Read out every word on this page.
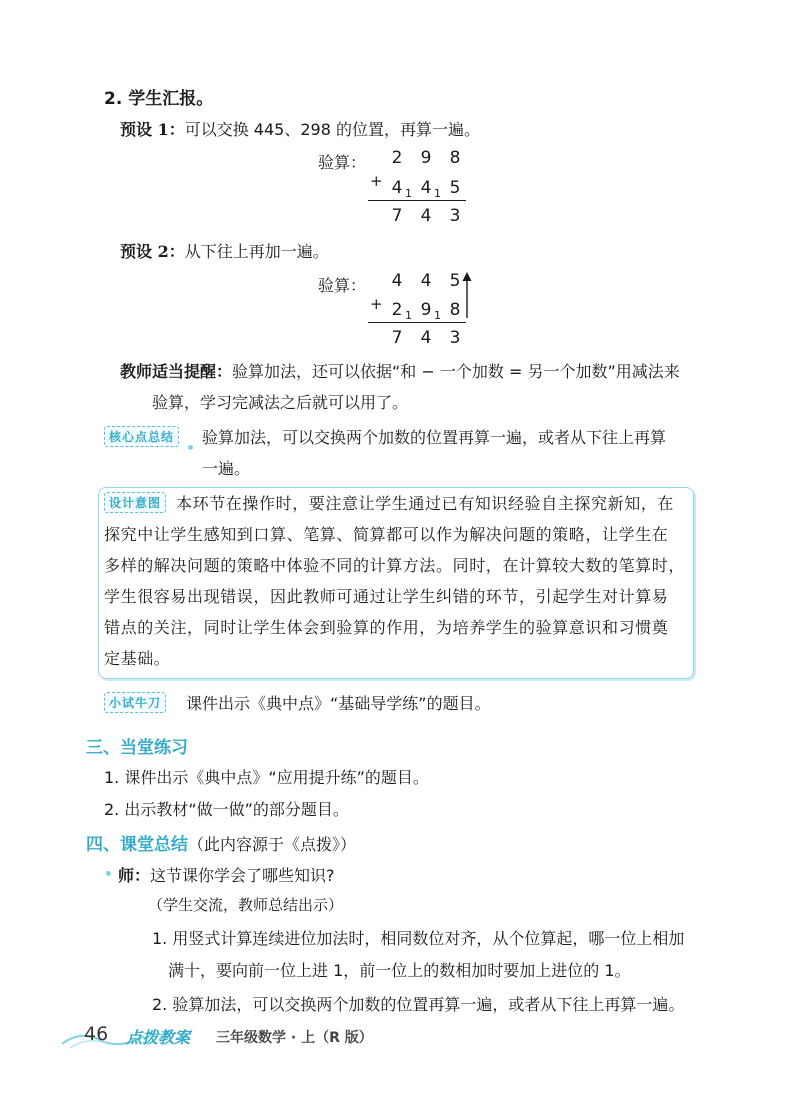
2. 学生汇报。
预设 1：可以交换 445、298 的位置，再算一遍。
验算： 2 9 8
+ 4 1 4 1 5
7 4 3
预设 2：从下往上再加一遍。
验算： 4 4 5
+ 2 1 9 1 8
7 4 3
教师适当提醒：验算加法，还可以依据“和 − 一个加数 = 另一个加数”用减法来
验算，学习完减法之后就可以用了。
核心点总结	验算加法，可以交换两个加数的位置再算一遍，或者从下往上再算
一遍。
设计意图 本环节在操作时，要注意让学生通过已有知识经验自主探究新知，在
探究中让学生感知到口算、笔算、简算都可以作为解决问题的策略，让学生在
多样的解决问题的策略中体验不同的计算方法。同时，在计算较大数的笔算时，
学生很容易出现错误，因此教师可通过让学生纠错的环节，引起学生对计算易
错点的关注，同时让学生体会到验算的作用，为培养学生的验算意识和习惯奠
定基础。
小试牛刀	课件出示《典中点》“基础导学练”的题目。
三、当堂练习
1. 课件出示《典中点》“应用提升练”的题目。
2. 出示教材“做一做”的部分题目。
四、课堂总结（此内容源于《点拨》）
师：这节课你学会了哪些知识?
（学生交流，教师总结出示）
1. 用竖式计算连续进位加法时，相同数位对齐，从个位算起，哪一位上相加
满十，要向前一位上进 1，前一位上的数相加时要加上进位的 1。
2. 验算加法，可以交换两个加数的位置再算一遍，或者从下往上再算一遍。
46 点拨教案 三年级数学 · 上（R 版）
